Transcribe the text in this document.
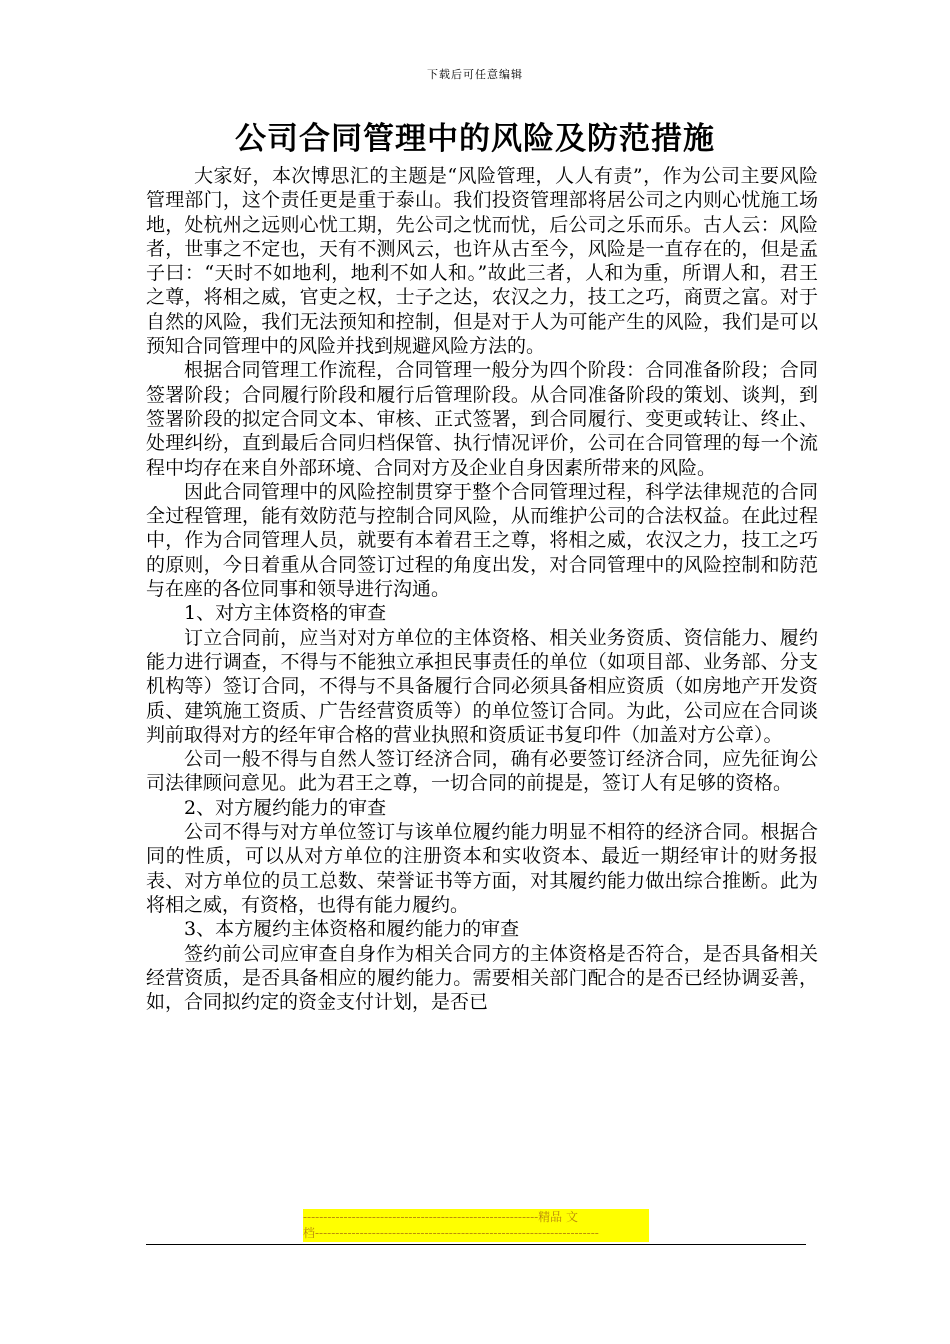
下载后可任意编辑
公司合同管理中的风险及防范措施

大家好，本次博思汇的主题是“风险管理，人人有责”，作为公司主要风险管理部门，这个责任更是重于泰山。我们投资管理部将居公司之内则心忧施工场地，处杭州之远则心忧工期，先公司之忧而忧，后公司之乐而乐。古人云：风险者，世事之不定也，天有不测风云，也许从古至今，风险是一直存在的，但是孟子曰：“天时不如地利，地利不如人和。”故此三者，人和为重，所谓人和，君王之尊，将相之威，官吏之权，士子之达，农汉之力，技工之巧，商贾之富。对于自然的风险，我们无法预知和控制，但是对于人为可能产生的风险，我们是可以预知合同管理中的风险并找到规避风险方法的。

根据合同管理工作流程，合同管理一般分为四个阶段：合同准备阶段；合同签署阶段；合同履行阶段和履行后管理阶段。从合同准备阶段的策划、谈判，到签署阶段的拟定合同文本、审核、正式签署，到合同履行、变更或转让、终止、处理纠纷，直到最后合同归档保管、执行情况评价，公司在合同管理的每一个流程中均存在来自外部环境、合同对方及企业自身因素所带来的风险。

因此合同管理中的风险控制贯穿于整个合同管理过程，科学法律规范的合同全过程管理，能有效防范与控制合同风险，从而维护公司的合法权益。在此过程中，作为合同管理人员，就要有本着君王之尊，将相之威，农汉之力，技工之巧的原则，今日着重从合同签订过程的角度出发，对合同管理中的风险控制和防范与在座的各位同事和领导进行沟通。

1、对方主体资格的审查

订立合同前，应当对对方单位的主体资格、相关业务资质、资信能力、履约能力进行调查，不得与不能独立承担民事责任的单位（如项目部、业务部、分支机构等）签订合同，不得与不具备履行合同必须具备相应资质（如房地产开发资质、建筑施工资质、广告经营资质等）的单位签订合同。为此，公司应在合同谈判前取得对方的经年审合格的营业执照和资质证书复印件（加盖对方公章）。

公司一般不得与自然人签订经济合同，确有必要签订经济合同，应先征询公司法律顾问意见。此为君王之尊，一切合同的前提是，签订人有足够的资格。

2、对方履约能力的审查

公司不得与对方单位签订与该单位履约能力明显不相符的经济合同。根据合同的性质，可以从对方单位的注册资本和实收资本、最近一期经审计的财务报表、对方单位的员工总数、荣誉证书等方面，对其履约能力做出综合推断。此为将相之威，有资格，也得有能力履约。

3、本方履约主体资格和履约能力的审查

签约前公司应审查自身作为相关合同方的主体资格是否符合，是否具备相关经营资质，是否具备相应的履约能力。需要相关部门配合的是否已经协调妥善，如，合同拟约定的资金支付计划，是否已

----------------------------------------------------------精品 文
档----------------------------------------------------------------------
